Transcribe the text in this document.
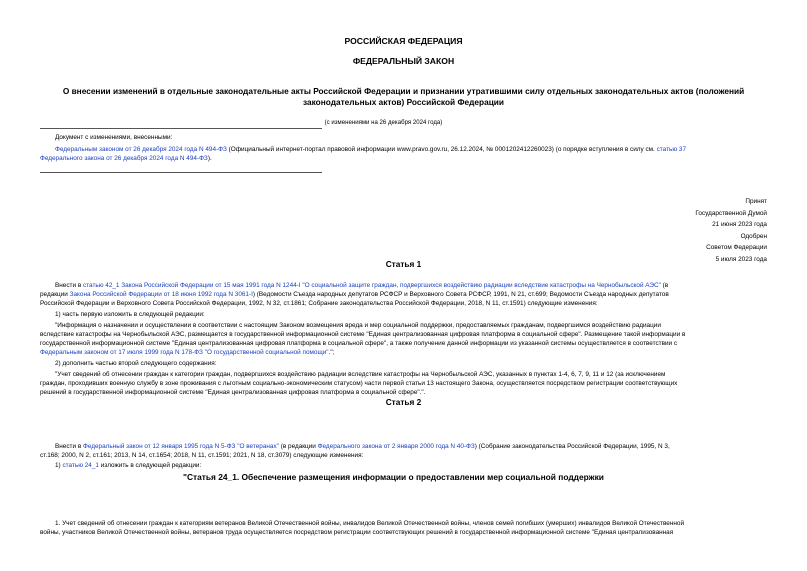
РОССИЙСКАЯ ФЕДЕРАЦИЯ
ФЕДЕРАЛЬНЫЙ ЗАКОН
О внесении изменений в отдельные законодательные акты Российской Федерации и признании утратившими силу отдельных законодательных актов (положений
законодательных актов) Российской Федерации
(с изменениями на 26 декабря 2024 года)
Документ с изменениями, внесенными:
Федеральным законом от 26 декабря 2024 года N 494-ФЗ (Официальный интернет-портал правовой информации www.pravo.gov.ru, 26.12.2024, № 0001202412260023) (о порядке вступления в силу см. статью 37
Федерального закона от 26 декабря 2024 года N 494-ФЗ).
Принят
Государственной Думой
21 июня 2023 года
Одобрен
Советом Федерации
5 июля 2023 года
Статья 1
Внести в статью 42_1 Закона Российской Федерации от 15 мая 1991 года N 1244-I "О социальной защите граждан, подвергшихся воздействию радиации вследствие катастрофы на Чернобыльской АЭС" (в
редакции Закона Российской Федерации от 18 июня 1992 года N 3061-I) (Ведомости Съезда народных депутатов РСФСР и Верховного Совета РСФСР, 1991, N 21, ст.699; Ведомости Съезда народных депутатов
Российской Федерации и Верховного Совета Российской Федерации, 1992, N 32, ст.1861; Собрание законодательства Российской Федерации, 2018, N 11, ст.1591) следующие изменения:
1) часть первую изложить в следующей редакции:
"Информация о назначении и осуществлении в соответствии с настоящим Законом возмещения вреда и мер социальной поддержки, предоставляемых гражданам, подвергшимся воздействию радиации
вследствие катастрофы на Чернобыльской АЭС, размещается в государственной информационной системе "Единая централизованная цифровая платформа в социальной сфере". Размещение такой информации в
государственной информационной системе "Единая централизованная цифровая платформа в социальной сфере", а также получение данной информации из указанной системы осуществляется в соответствии с
Федеральным законом от 17 июля 1999 года N 178-ФЗ "О государственной социальной помощи".";
2) дополнить частью второй следующего содержания:
"Учет сведений об отнесении граждан к категории граждан, подвергшихся воздействию радиации вследствие катастрофы на Чернобыльской АЭС, указанных в пунктах 1-4, 6, 7, 9, 11 и 12 (за исключением
граждан, проходивших военную службу в зоне проживания с льготным социально-экономическим статусом) части первой статьи 13 настоящего Закона, осуществляется посредством регистрации соответствующих
решений в государственной информационной системе "Единая централизованная цифровая платформа в социальной сфере".".
Статья 2
Внести в Федеральный закон от 12 января 1995 года N 5-ФЗ "О ветеранах" (в редакции Федерального закона от 2 января 2000 года N 40-ФЗ) (Собрание законодательства Российской Федерации, 1995, N 3,
ст.168; 2000, N 2, ст.161; 2013, N 14, ст.1654; 2018, N 11, ст.1591; 2021, N 18, ст.3079) следующие изменения:
1) статью 24_1 изложить в следующей редакции:
"Статья 24_1. Обеспечение размещения информации о предоставлении мер социальной поддержки
1. Учет сведений об отнесении граждан к категориям ветеранов Великой Отечественной войны, инвалидов Великой Отечественной войны, членов семей погибших (умерших) инвалидов Великой Отечественной
войны, участников Великой Отечественной войны, ветеранов труда осуществляется посредством регистрации соответствующих решений в государственной информационной системе "Единая централизованная
